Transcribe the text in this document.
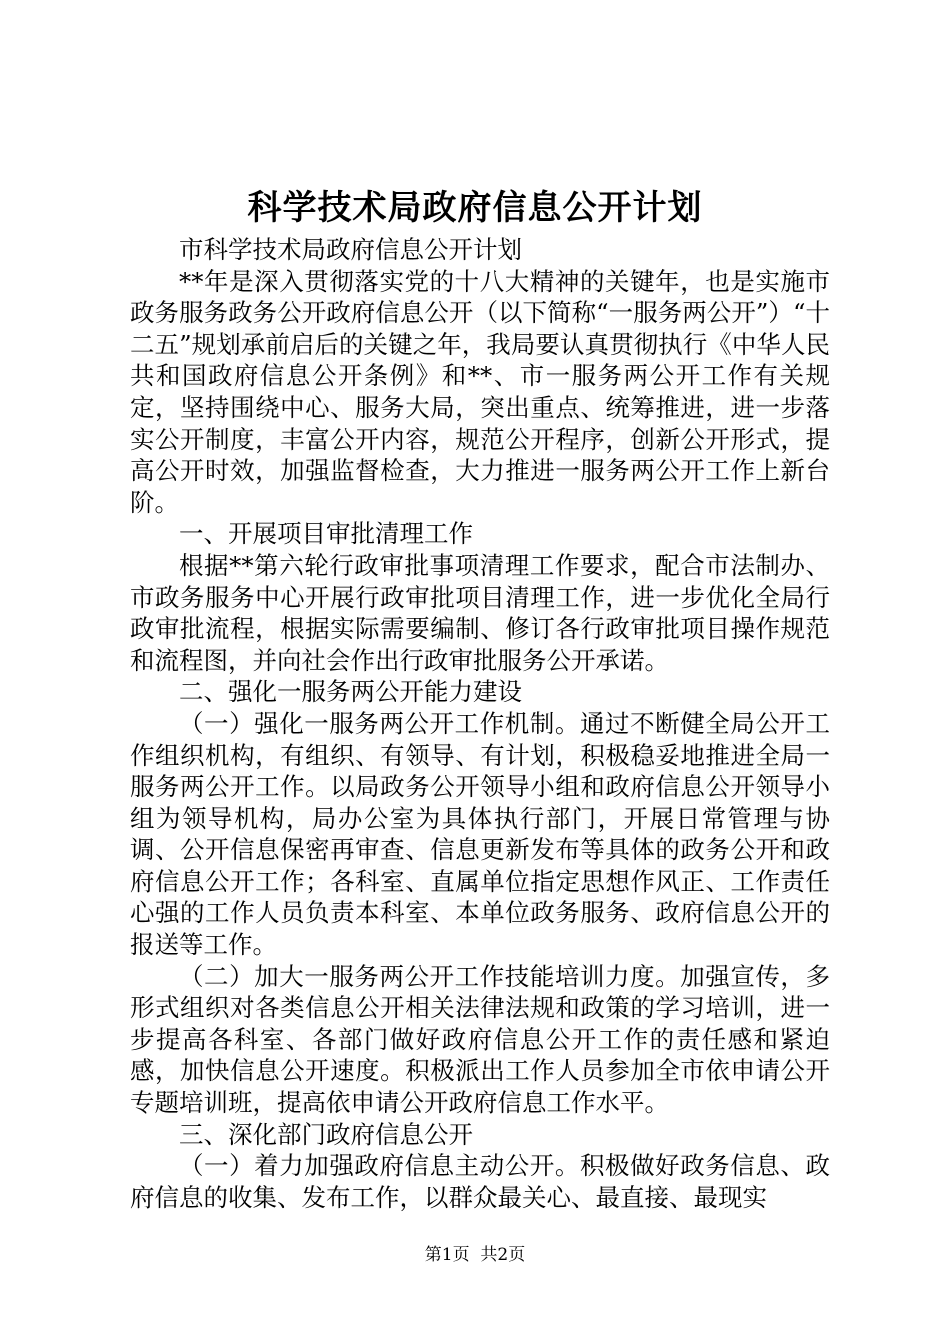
科学技术局政府信息公开计划

市科学技术局政府信息公开计划

**年是深入贯彻落实党的十八大精神的关键年，也是实施市政务服务政务公开政府信息公开（以下简称“一服务两公开”）“十二五”规划承前启后的关键之年，我局要认真贯彻执行《中华人民共和国政府信息公开条例》和**、市一服务两公开工作有关规定，坚持围绕中心、服务大局，突出重点、统筹推进，进一步落实公开制度，丰富公开内容，规范公开程序，创新公开形式，提高公开时效，加强监督检查，大力推进一服务两公开工作上新台阶。

一、开展项目审批清理工作

根据**第六轮行政审批事项清理工作要求，配合市法制办、市政务服务中心开展行政审批项目清理工作，进一步优化全局行政审批流程，根据实际需要编制、修订各行政审批项目操作规范和流程图，并向社会作出行政审批服务公开承诺。

二、强化一服务两公开能力建设

（一）强化一服务两公开工作机制。通过不断健全局公开工作组织机构，有组织、有领导、有计划，积极稳妥地推进全局一服务两公开工作。以局政务公开领导小组和政府信息公开领导小组为领导机构，局办公室为具体执行部门，开展日常管理与协调、公开信息保密再审查、信息更新发布等具体的政务公开和政府信息公开工作；各科室、直属单位指定思想作风正、工作责任心强的工作人员负责本科室、本单位政务服务、政府信息公开的报送等工作。

（二）加大一服务两公开工作技能培训力度。加强宣传，多形式组织对各类信息公开相关法律法规和政策的学习培训，进一步提高各科室、各部门做好政府信息公开工作的责任感和紧迫感，加快信息公开速度。积极派出工作人员参加全市依申请公开专题培训班，提高依申请公开政府信息工作水平。

三、深化部门政府信息公开

（一）着力加强政府信息主动公开。积极做好政务信息、政府信息的收集、发布工作，以群众最关心、最直接、最现实

第1页  共2页
